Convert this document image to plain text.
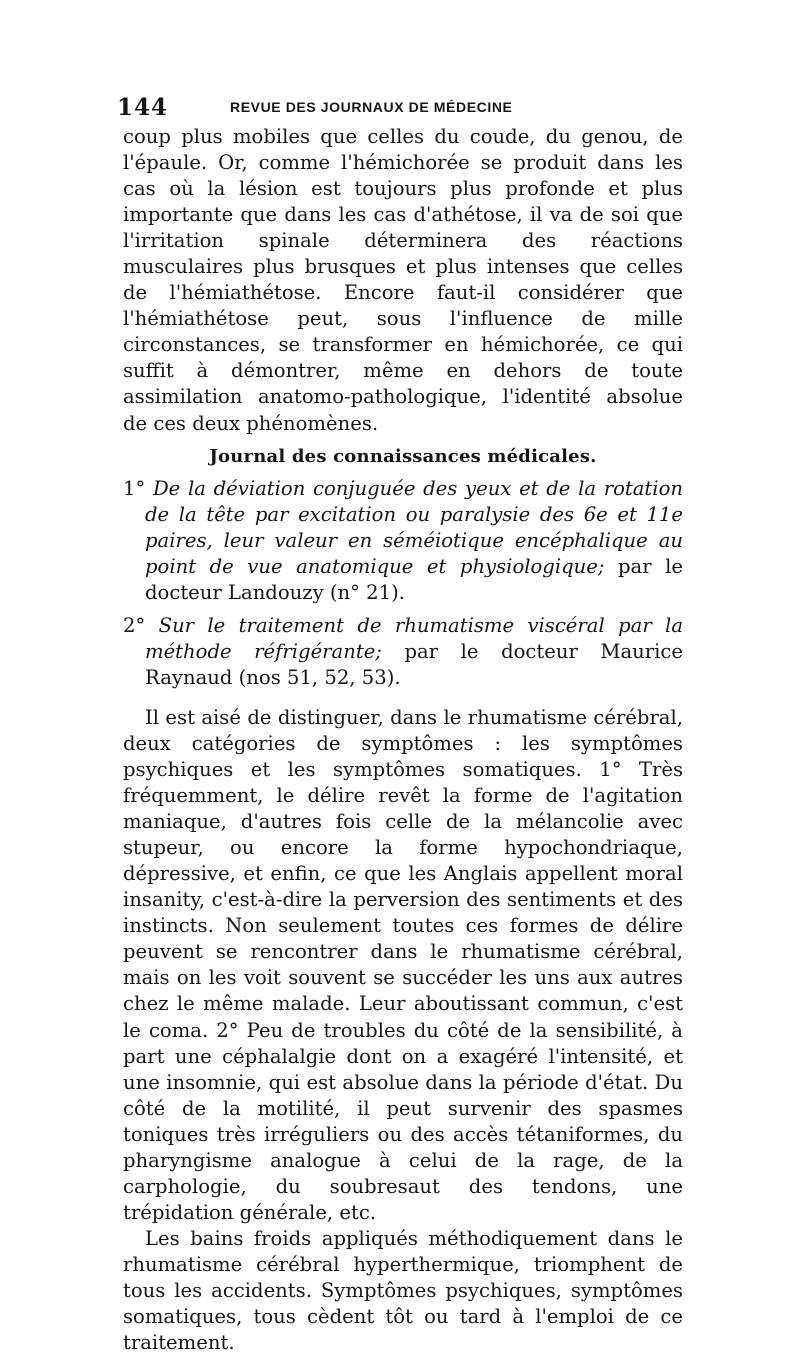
144	REVUE DES JOURNAUX DE MÉDECINE

coup plus mobiles que celles du coude, du genou, de l'épaule. Or, comme l'hémichorée se produit dans les cas où la lésion est toujours plus profonde et plus importante que dans les cas d'athétose, il va de soi que l'irritation spinale déterminera des réactions musculaires plus brusques et plus intenses que celles de l'hémiathétose. Encore faut-il considérer que l'hémiathétose peut, sous l'influence de mille circonstances, se transformer en hémichorée, ce qui suffit à démontrer, même en dehors de toute assimilation anatomo-pathologique, l'identité absolue de ces deux phénomènes.

Journal des connaissances médicales.

1° De la déviation conjuguée des yeux et de la rotation de la tête par excitation ou paralysie des 6e et 11e paires, leur valeur en séméiotique encéphalique au point de vue anatomique et physiologique; par le docteur Landouzy (n° 21).

2° Sur le traitement de rhumatisme viscéral par la méthode réfrigérante; par le docteur Maurice Raynaud (nos 51, 52, 53).

Il est aisé de distinguer, dans le rhumatisme cérébral, deux catégories de symptômes : les symptômes psychiques et les symptômes somatiques. 1° Très fréquemment, le délire revêt la forme de l'agitation maniaque, d'autres fois celle de la mélancolie avec stupeur, ou encore la forme hypochondriaque, dépressive, et enfin, ce que les Anglais appellent moral insanity, c'est-à-dire la perversion des sentiments et des instincts. Non seulement toutes ces formes de délire peuvent se rencontrer dans le rhumatisme cérébral, mais on les voit souvent se succéder les uns aux autres chez le même malade. Leur aboutissant commun, c'est le coma. 2° Peu de troubles du côté de la sensibilité, à part une céphalalgie dont on a exagéré l'intensité, et une insomnie, qui est absolue dans la période d'état. Du côté de la motilité, il peut survenir des spasmes toniques très irréguliers ou des accès tétaniformes, du pharyngisme analogue à celui de la rage, de la carphologie, du soubresaut des tendons, une trépidation générale, etc.

Les bains froids appliqués méthodiquement dans le rhumatisme cérébral hyperthermique, triomphent de tous les accidents. Symptômes psychiques, symptômes somatiques, tous cèdent tôt ou tard à l'emploi de ce traitement.
